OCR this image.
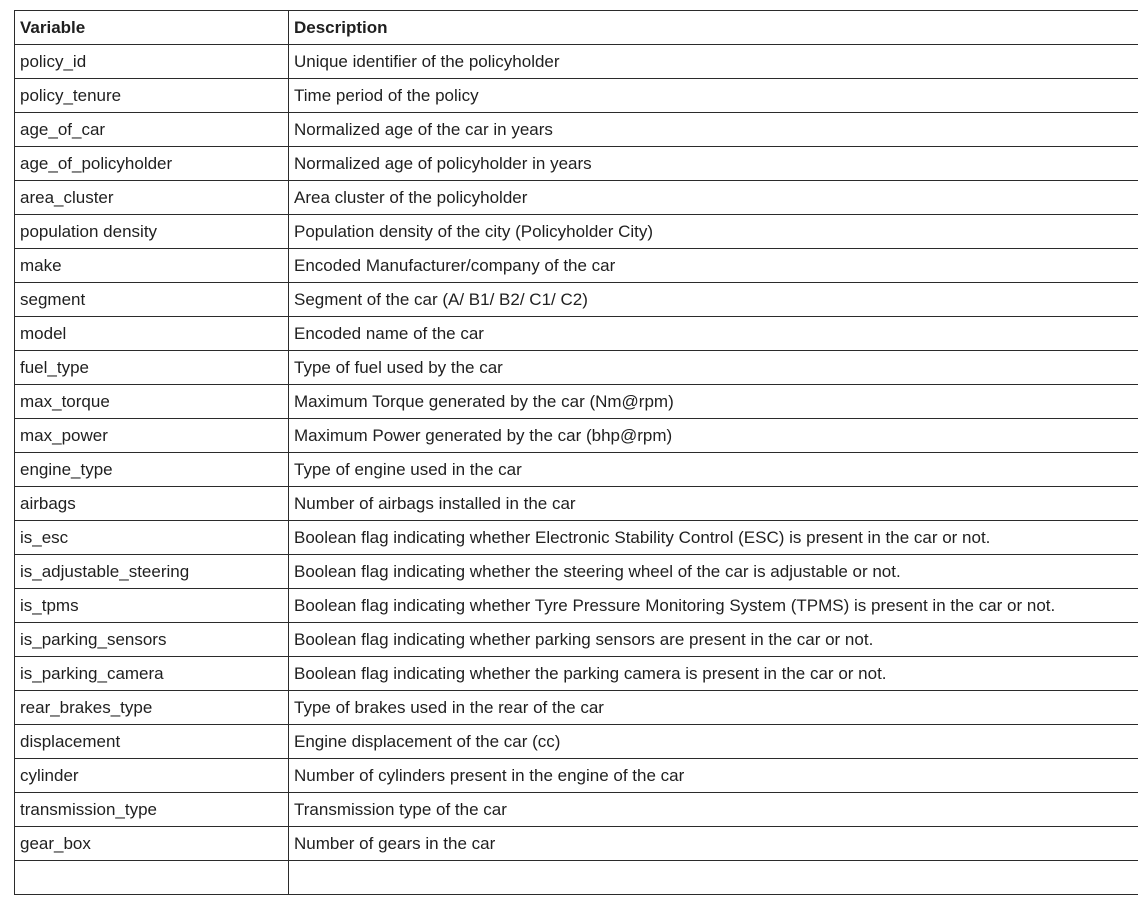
Variable	Description
policy_id	Unique identifier of the policyholder
policy_tenure	Time period of the policy
age_of_car	Normalized age of the car in years
age_of_policyholder	Normalized age of policyholder in years
area_cluster	Area cluster of the policyholder
population density	Population density of the city (Policyholder City)
make	Encoded Manufacturer/company of the car
segment	Segment of the car (A/ B1/ B2/ C1/ C2)
model	Encoded name of the car
fuel_type	Type of fuel used by the car
max_torque	Maximum Torque generated by the car (Nm@rpm)
max_power	Maximum Power generated by the car (bhp@rpm)
engine_type	Type of engine used in the car
airbags	Number of airbags installed in the car
is_esc	Boolean flag indicating whether Electronic Stability Control (ESC) is present in the car or not.
is_adjustable_steering	Boolean flag indicating whether the steering wheel of the car is adjustable or not.
is_tpms	Boolean flag indicating whether Tyre Pressure Monitoring System (TPMS) is present in the car or not.
is_parking_sensors	Boolean flag indicating whether parking sensors are present in the car or not.
is_parking_camera	Boolean flag indicating whether the parking camera is present in the car or not.
rear_brakes_type	Type of brakes used in the rear of the car
displacement	Engine displacement of the car (cc)
cylinder	Number of cylinders present in the engine of the car
transmission_type	Transmission type of the car
gear_box	Number of gears in the car
